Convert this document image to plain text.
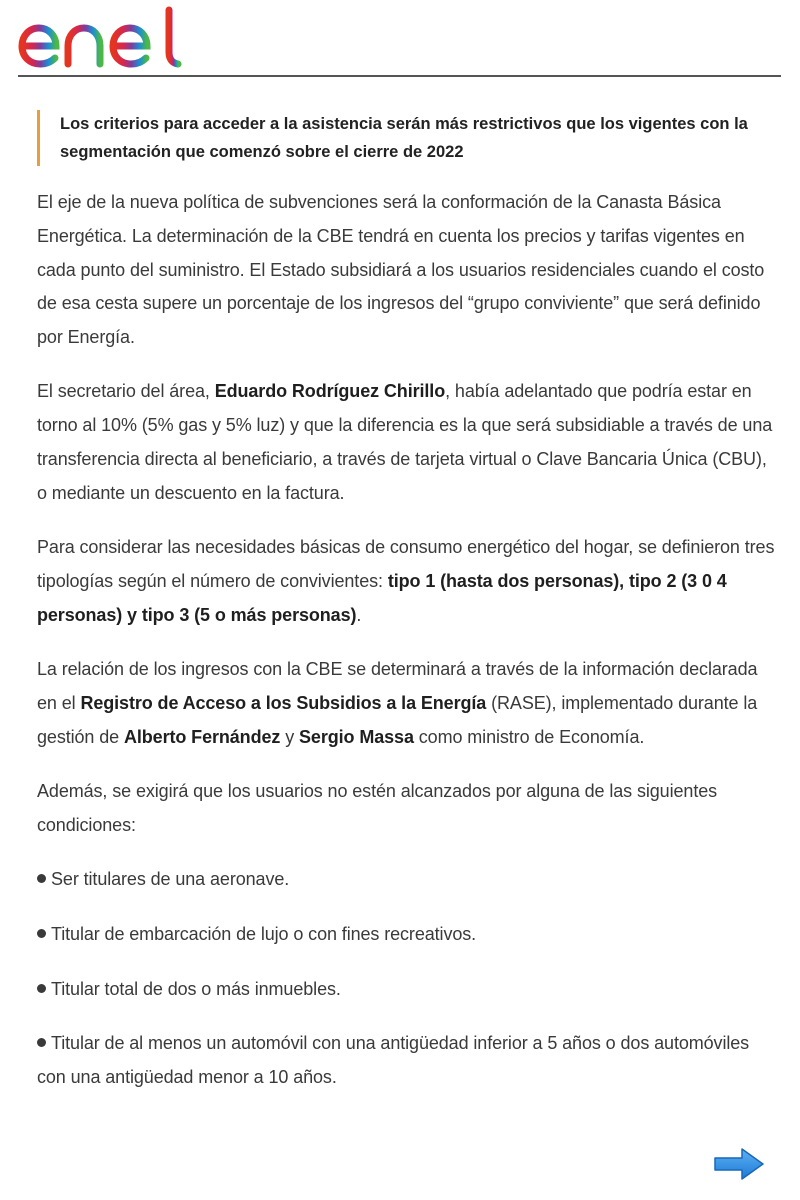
Los criterios para acceder a la asistencia serán más restrictivos que los vigentes con la segmentación que comenzó sobre el cierre de 2022

El eje de la nueva política de subvenciones será la conformación de la Canasta Básica Energética. La determinación de la CBE tendrá en cuenta los precios y tarifas vigentes en cada punto del suministro. El Estado subsidiará a los usuarios residenciales cuando el costo de esa cesta supere un porcentaje de los ingresos del “grupo conviviente” que será definido por Energía.

El secretario del área, Eduardo Rodríguez Chirillo, había adelantado que podría estar en torno al 10% (5% gas y 5% luz) y que la diferencia es la que será subsidiable a través de una transferencia directa al beneficiario, a través de tarjeta virtual o Clave Bancaria Única (CBU), o mediante un descuento en la factura.

Para considerar las necesidades básicas de consumo energético del hogar, se definieron tres tipologías según el número de convivientes: tipo 1 (hasta dos personas), tipo 2 (3 0 4 personas) y tipo 3 (5 o más personas).

La relación de los ingresos con la CBE se determinará a través de la información declarada en el Registro de Acceso a los Subsidios a la Energía (RASE), implementado durante la gestión de Alberto Fernández y Sergio Massa como ministro de Economía.

Además, se exigirá que los usuarios no estén alcanzados por alguna de las siguientes condiciones:

Ser titulares de una aeronave.
Titular de embarcación de lujo o con fines recreativos.
Titular total de dos o más inmuebles.
Titular de al menos un automóvil con una antigüedad inferior a 5 años o dos automóviles con una antigüedad menor a 10 años.
